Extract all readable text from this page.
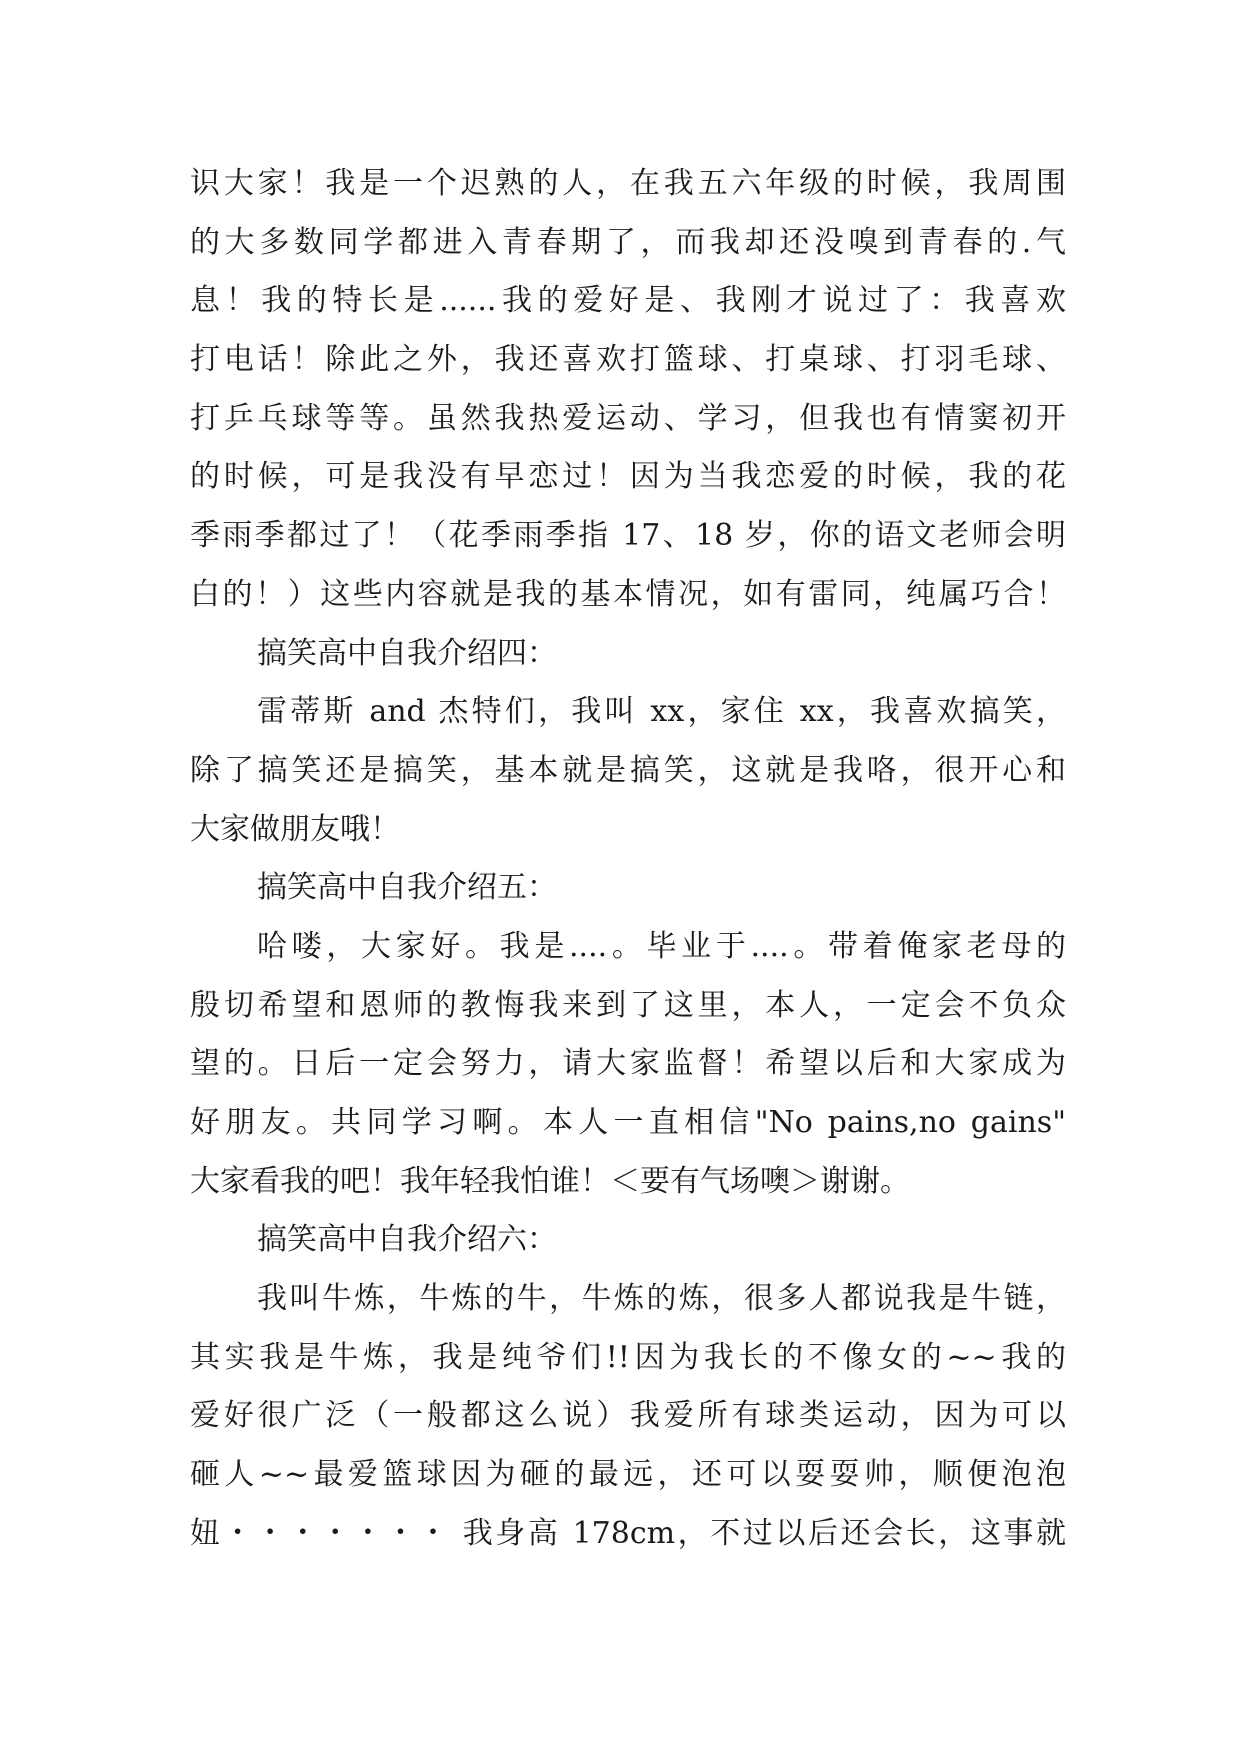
识大家！我是一个迟熟的人，在我五六年级的时候，我周围
的大多数同学都进入青春期了，而我却还没嗅到青春的.气
息！我的特长是......我的爱好是、我刚才说过了：我喜欢
打电话！除此之外，我还喜欢打篮球、打桌球、打羽毛球、
打乒乓球等等。虽然我热爱运动、学习，但我也有情窦初开
的时候，可是我没有早恋过！因为当我恋爱的时候，我的花
季雨季都过了！（花季雨季指 17、18 岁，你的语文老师会明
白的！）这些内容就是我的基本情况，如有雷同，纯属巧合！
搞笑高中自我介绍四：
雷蒂斯 and 杰特们，我叫 xx，家住 xx，我喜欢搞笑，
除了搞笑还是搞笑，基本就是搞笑，这就是我咯，很开心和
大家做朋友哦！
搞笑高中自我介绍五：
哈喽，大家好。我是....。毕业于....。带着俺家老母的
殷切希望和恩师的教悔我来到了这里，本人，一定会不负众
望的。日后一定会努力，请大家监督！希望以后和大家成为
好朋友。共同学习啊。本人一直相信"No pains,no gains"
大家看我的吧！我年轻我怕谁！＜要有气场噢＞谢谢。
搞笑高中自我介绍六：
我叫牛炼，牛炼的牛，牛炼的炼，很多人都说我是牛链，
其实我是牛炼，我是纯爷们!!因为我长的不像女的~~我的
爱好很广泛（一般都这么说）我爱所有球类运动，因为可以
砸人~~最爱篮球因为砸的最远，还可以耍耍帅，顺便泡泡
妞・・・・・・・ 我身高 178cm，不过以后还会长，这事就
